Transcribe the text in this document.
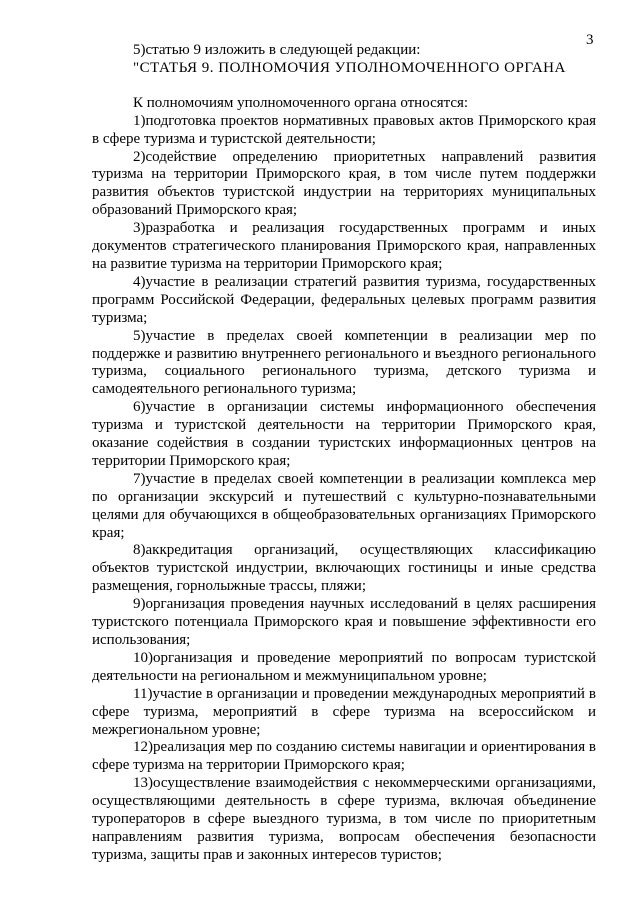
3

5)статью 9 изложить в следующей редакции:

"СТАТЬЯ 9. ПОЛНОМОЧИЯ УПОЛНОМОЧЕННОГО ОРГАНА

К полномочиям уполномоченного органа относятся:

1)подготовка проектов нормативных правовых актов Приморского края в сфере туризма и туристской деятельности;

2)содействие определению приоритетных направлений развития туризма на территории Приморского края, в том числе путем поддержки развития объектов туристской индустрии на территориях муниципальных образований Приморского края;

3)разработка и реализация государственных программ и иных документов стратегического планирования Приморского края, направленных на развитие туризма на территории Приморского края;

4)участие в реализации стратегий развития туризма, государственных программ Российской Федерации, федеральных целевых программ развития туризма;

5)участие в пределах своей компетенции в реализации мер по поддержке и развитию внутреннего регионального и въездного регионального туризма, социального регионального туризма, детского туризма и самодеятельного регионального туризма;

6)участие в организации системы информационного обеспечения туризма и туристской деятельности на территории Приморского края, оказание содействия в создании туристских информационных центров на территории Приморского края;

7)участие в пределах своей компетенции в реализации комплекса мер по организации экскурсий и путешествий с культурно-познавательными целями для обучающихся в общеобразовательных организациях Приморского края;

8)аккредитация организаций, осуществляющих классификацию объектов туристской индустрии, включающих гостиницы и иные средства размещения, горнолыжные трассы, пляжи;

9)организация проведения научных исследований в целях расширения туристского потенциала Приморского края и повышение эффективности его использования;

10)организация и проведение мероприятий по вопросам туристской деятельности на региональном и межмуниципальном уровне;

11)участие в организации и проведении международных мероприятий в сфере туризма, мероприятий в сфере туризма на всероссийском и межрегиональном уровне;

12)реализация мер по созданию системы навигации и ориентирования в сфере туризма на территории Приморского края;

13)осуществление взаимодействия с некоммерческими организациями, осуществляющими деятельность в сфере туризма, включая объединение туроператоров в сфере выездного туризма, в том числе по приоритетным направлениям развития туризма, вопросам обеспечения безопасности туризма, защиты прав и законных интересов туристов;
